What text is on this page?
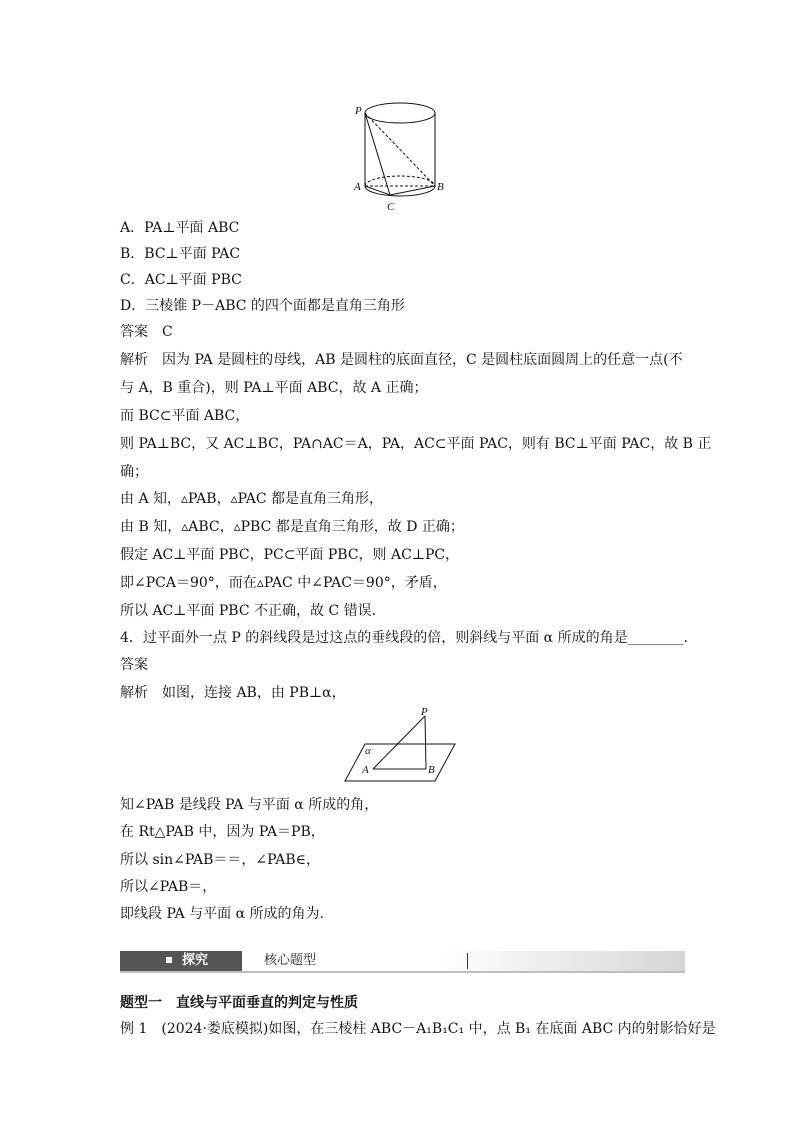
P
A	B
C
A．PA⊥平面 ABC
B．BC⊥平面 PAC
C．AC⊥平面 PBC
D．三棱锥 P－ABC 的四个面都是直角三角形
答案　C
解析　因为 PA 是圆柱的母线，AB 是圆柱的底面直径，C 是圆柱底面圆周上的任意一点(不
与 A，B 重合)，则 PA⊥平面 ABC，故 A 正确；
而 BC⊂平面 ABC，
则 PA⊥BC，又 AC⊥BC，PA∩AC＝A，PA，AC⊂平面 PAC，则有 BC⊥平面 PAC，故 B 正
确；
由 A 知，▵PAB，▵PAC 都是直角三角形，
由 B 知，▵ABC，▵PBC 都是直角三角形，故 D 正确；
假定 AC⊥平面 PBC，PC⊂平面 PBC，则 AC⊥PC，
即∠PCA＝90°，而在▵PAC 中∠PAC＝90°，矛盾，
所以 AC⊥平面 PBC 不正确，故 C 错误．
4．过平面外一点 P 的斜线段是过这点的垂线段的倍，则斜线与平面 α 所成的角是________．
答案
解析　如图，连接 AB，由 PB⊥α，
P
A	B
α
知∠PAB 是线段 PA 与平面 α 所成的角，
在 Rt△PAB 中，因为 PA＝PB，
所以 sin∠PAB＝＝，∠PAB∈，
所以∠PAB＝，
即线段 PA 与平面 α 所成的角为.
探究	核心题型
题型一　直线与平面垂直的判定与性质
例 1　(2024·娄底模拟)如图，在三棱柱 ABC－A₁B₁C₁ 中，点 B₁ 在底面 ABC 内的射影恰好是
